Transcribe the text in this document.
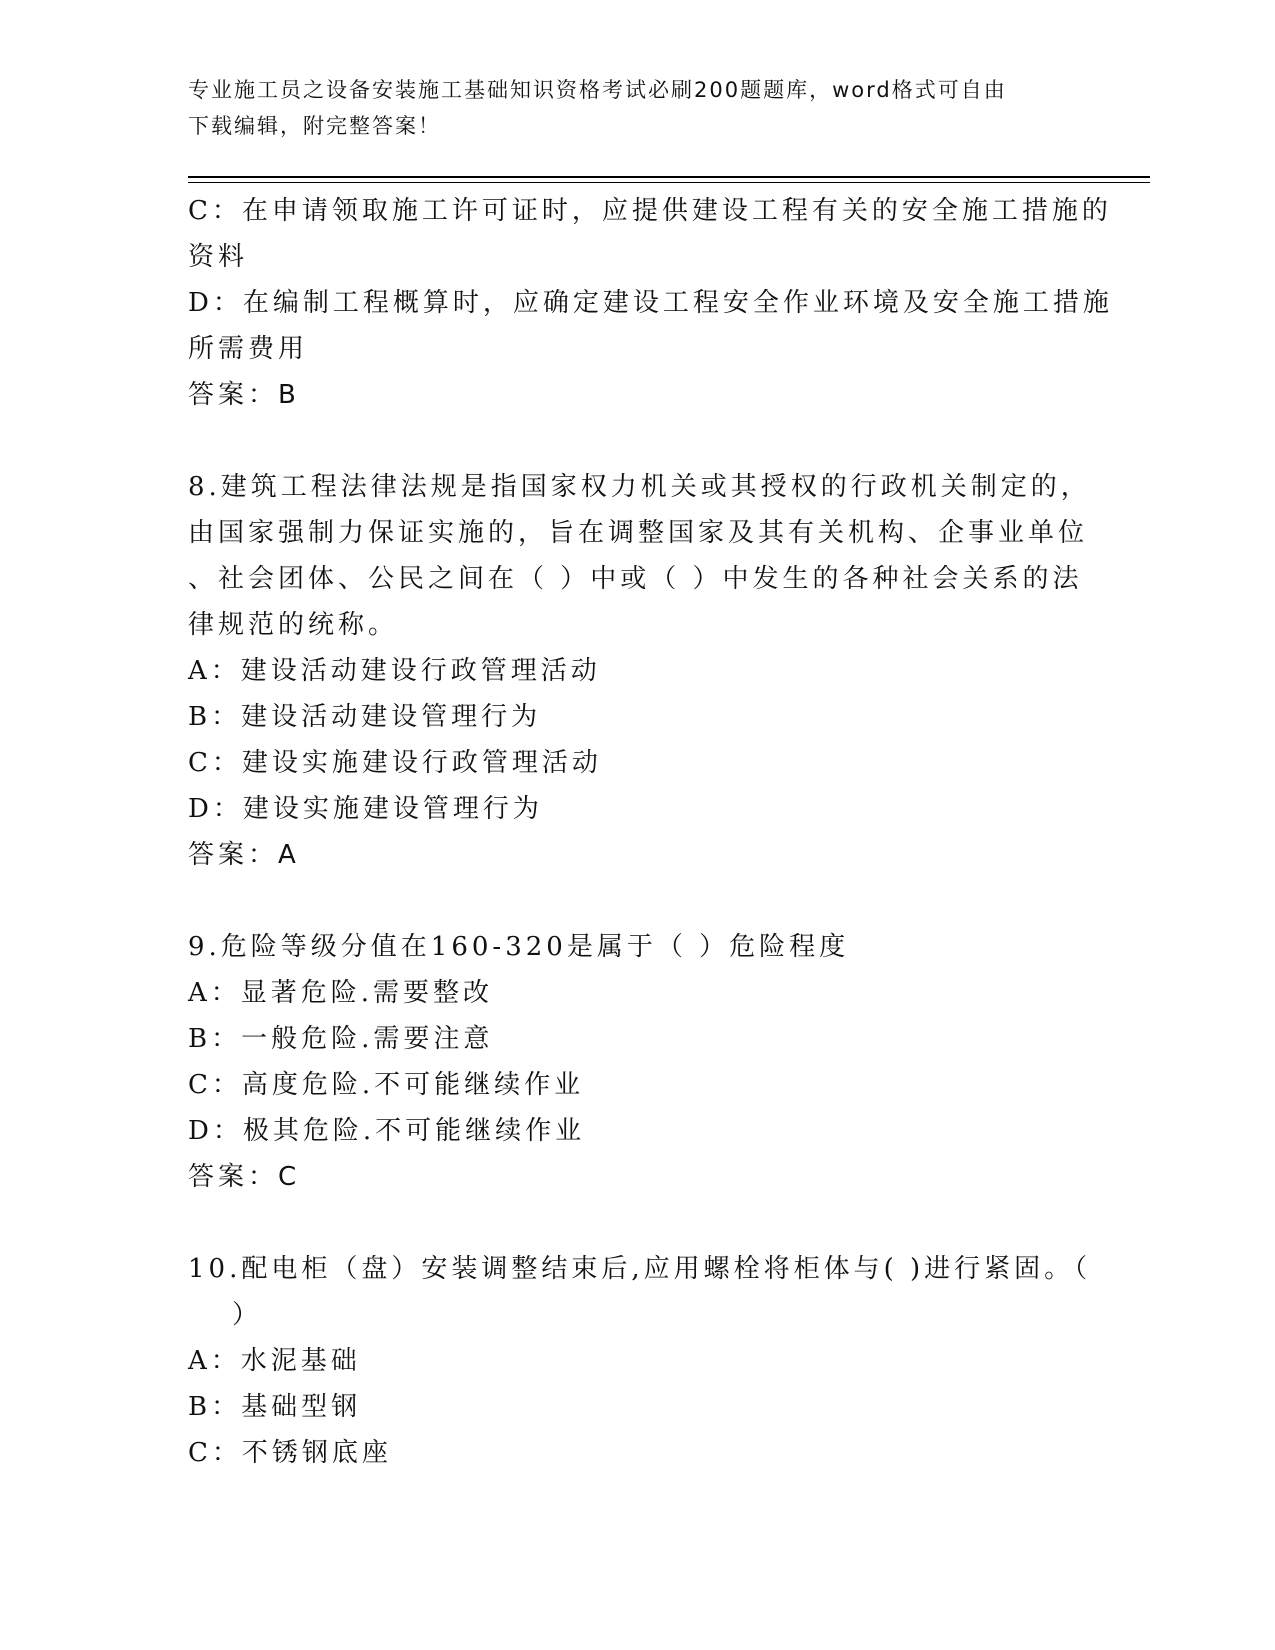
专业施工员之设备安装施工基础知识资格考试必刷200题题库，word格式可自由
下载编辑，附完整答案！
C：在申请领取施工许可证时，应提供建设工程有关的安全施工措施的
资料
D：在编制工程概算时，应确定建设工程安全作业环境及安全施工措施
所需费用
答案：B
8.建筑工程法律法规是指国家权力机关或其授权的行政机关制定的，
由国家强制力保证实施的，旨在调整国家及其有关机构、企事业单位
、社会团体、公民之间在（ ）中或（ ）中发生的各种社会关系的法
律规范的统称。
A：建设活动建设行政管理活动
B：建设活动建设管理行为
C：建设实施建设行政管理活动
D：建设实施建设管理行为
答案：A
9.危险等级分值在160-320是属于（ ）危险程度
A：显著危险.需要整改
B：一般危险.需要注意
C：高度危险.不可能继续作业
D：极其危险.不可能继续作业
答案：C
10.配电柜（盘）安装调整结束后,应用螺栓将柜体与( )进行紧固。（
）
A：水泥基础
B：基础型钢
C：不锈钢底座
